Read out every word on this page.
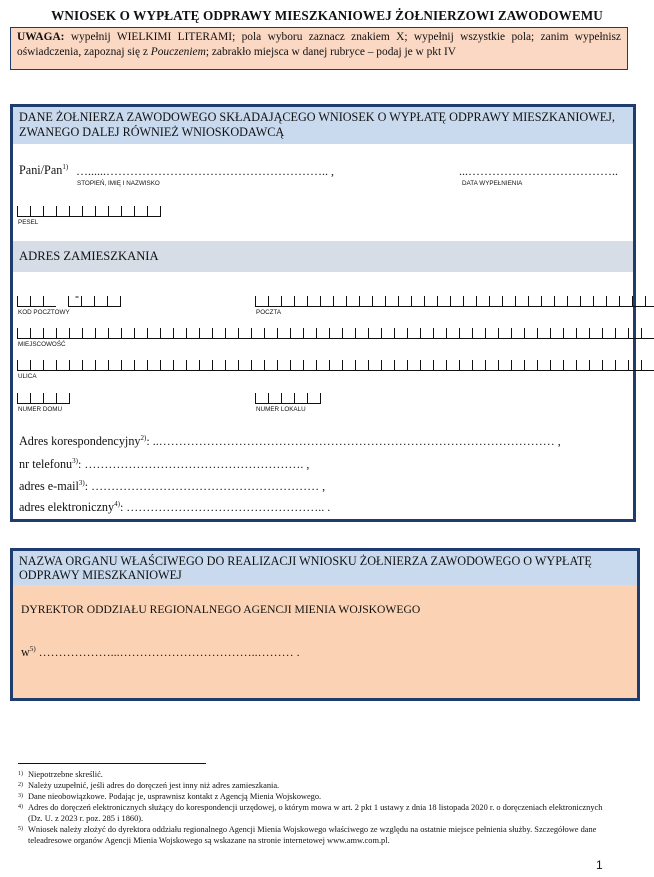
WNIOSEK O WYPŁATĘ ODPRAWY MIESZKANIOWEJ ŻOŁNIERZOWI ZAWODOWEMU
UWAGA: wypełnij WIELKIMI LITERAMI; pola wyboru zaznacz znakiem X; wypełnij wszystkie pola; zanim wypełnisz oświadczenia, zapoznaj się z Pouczeniem; zabrakło miejsca w danej rubryce – podaj je w pkt IV
DANE ŻOŁNIERZA ZAWODOWEGO SKŁADAJĄCEGO WNIOSEK O WYPŁATĘ ODPRAWY MIESZKANIOWEJ, ZWANEGO DALEJ RÓWNIEŻ WNIOSKODAWCĄ
Pani/Pan$^{1)}$ …......……………………………………………….. ,
STOPIEŃ, IMIĘ I NAZWISKO
...………………………………..
DATA WYPEŁNIENIA
PESEL
ADRES ZAMIESZKANIA
-
KOD POCZTOWY	POCZTA
MIEJSCOWOŚĆ
ULICA
NUMER DOMU	NUMER LOKALU
Adres korespondencyjny$^{2)}$: ..……………………………………………………………………………………… ,
nr telefonu$^{3)}$: ………………………………………………. ,
adres e-mail$^{3)}$: ………………………………………………… ,
adres elektroniczny$^{4)}$: ………………………………………….. .
NAZWA ORGANU WŁAŚCIWEGO DO REALIZACJI WNIOSKU ŻOŁNIERZA ZAWODOWEGO O WYPŁATĘ ODPRAWY MIESZKANIOWEJ
DYREKTOR ODDZIAŁU REGIONALNEGO AGENCJI MIENIA WOJSKOWEGO
$w^{5)}$ ………………...……………………………..……… .
1) Niepotrzebne skreślić.
2) Należy uzupełnić, jeśli adres do doręczeń jest inny niż adres zamieszkania.
3) Dane nieobowiązkowe. Podając je, usprawnisz kontakt z Agencją Mienia Wojskowego.
4) Adres do doręczeń elektronicznych służący do korespondencji urzędowej, o którym mowa w art. 2 pkt 1 ustawy z dnia 18 listopada 2020 r. o doręczeniach elektronicznych (Dz. U. z 2023 r. poz. 285 i 1860).
5) Wniosek należy złożyć do dyrektora oddziału regionalnego Agencji Mienia Wojskowego właściwego ze względu na ostatnie miejsce pełnienia służby. Szczegółowe dane teleadresowe organów Agencji Mienia Wojskowego są wskazane na stronie internetowej www.amw.com.pl.
1
